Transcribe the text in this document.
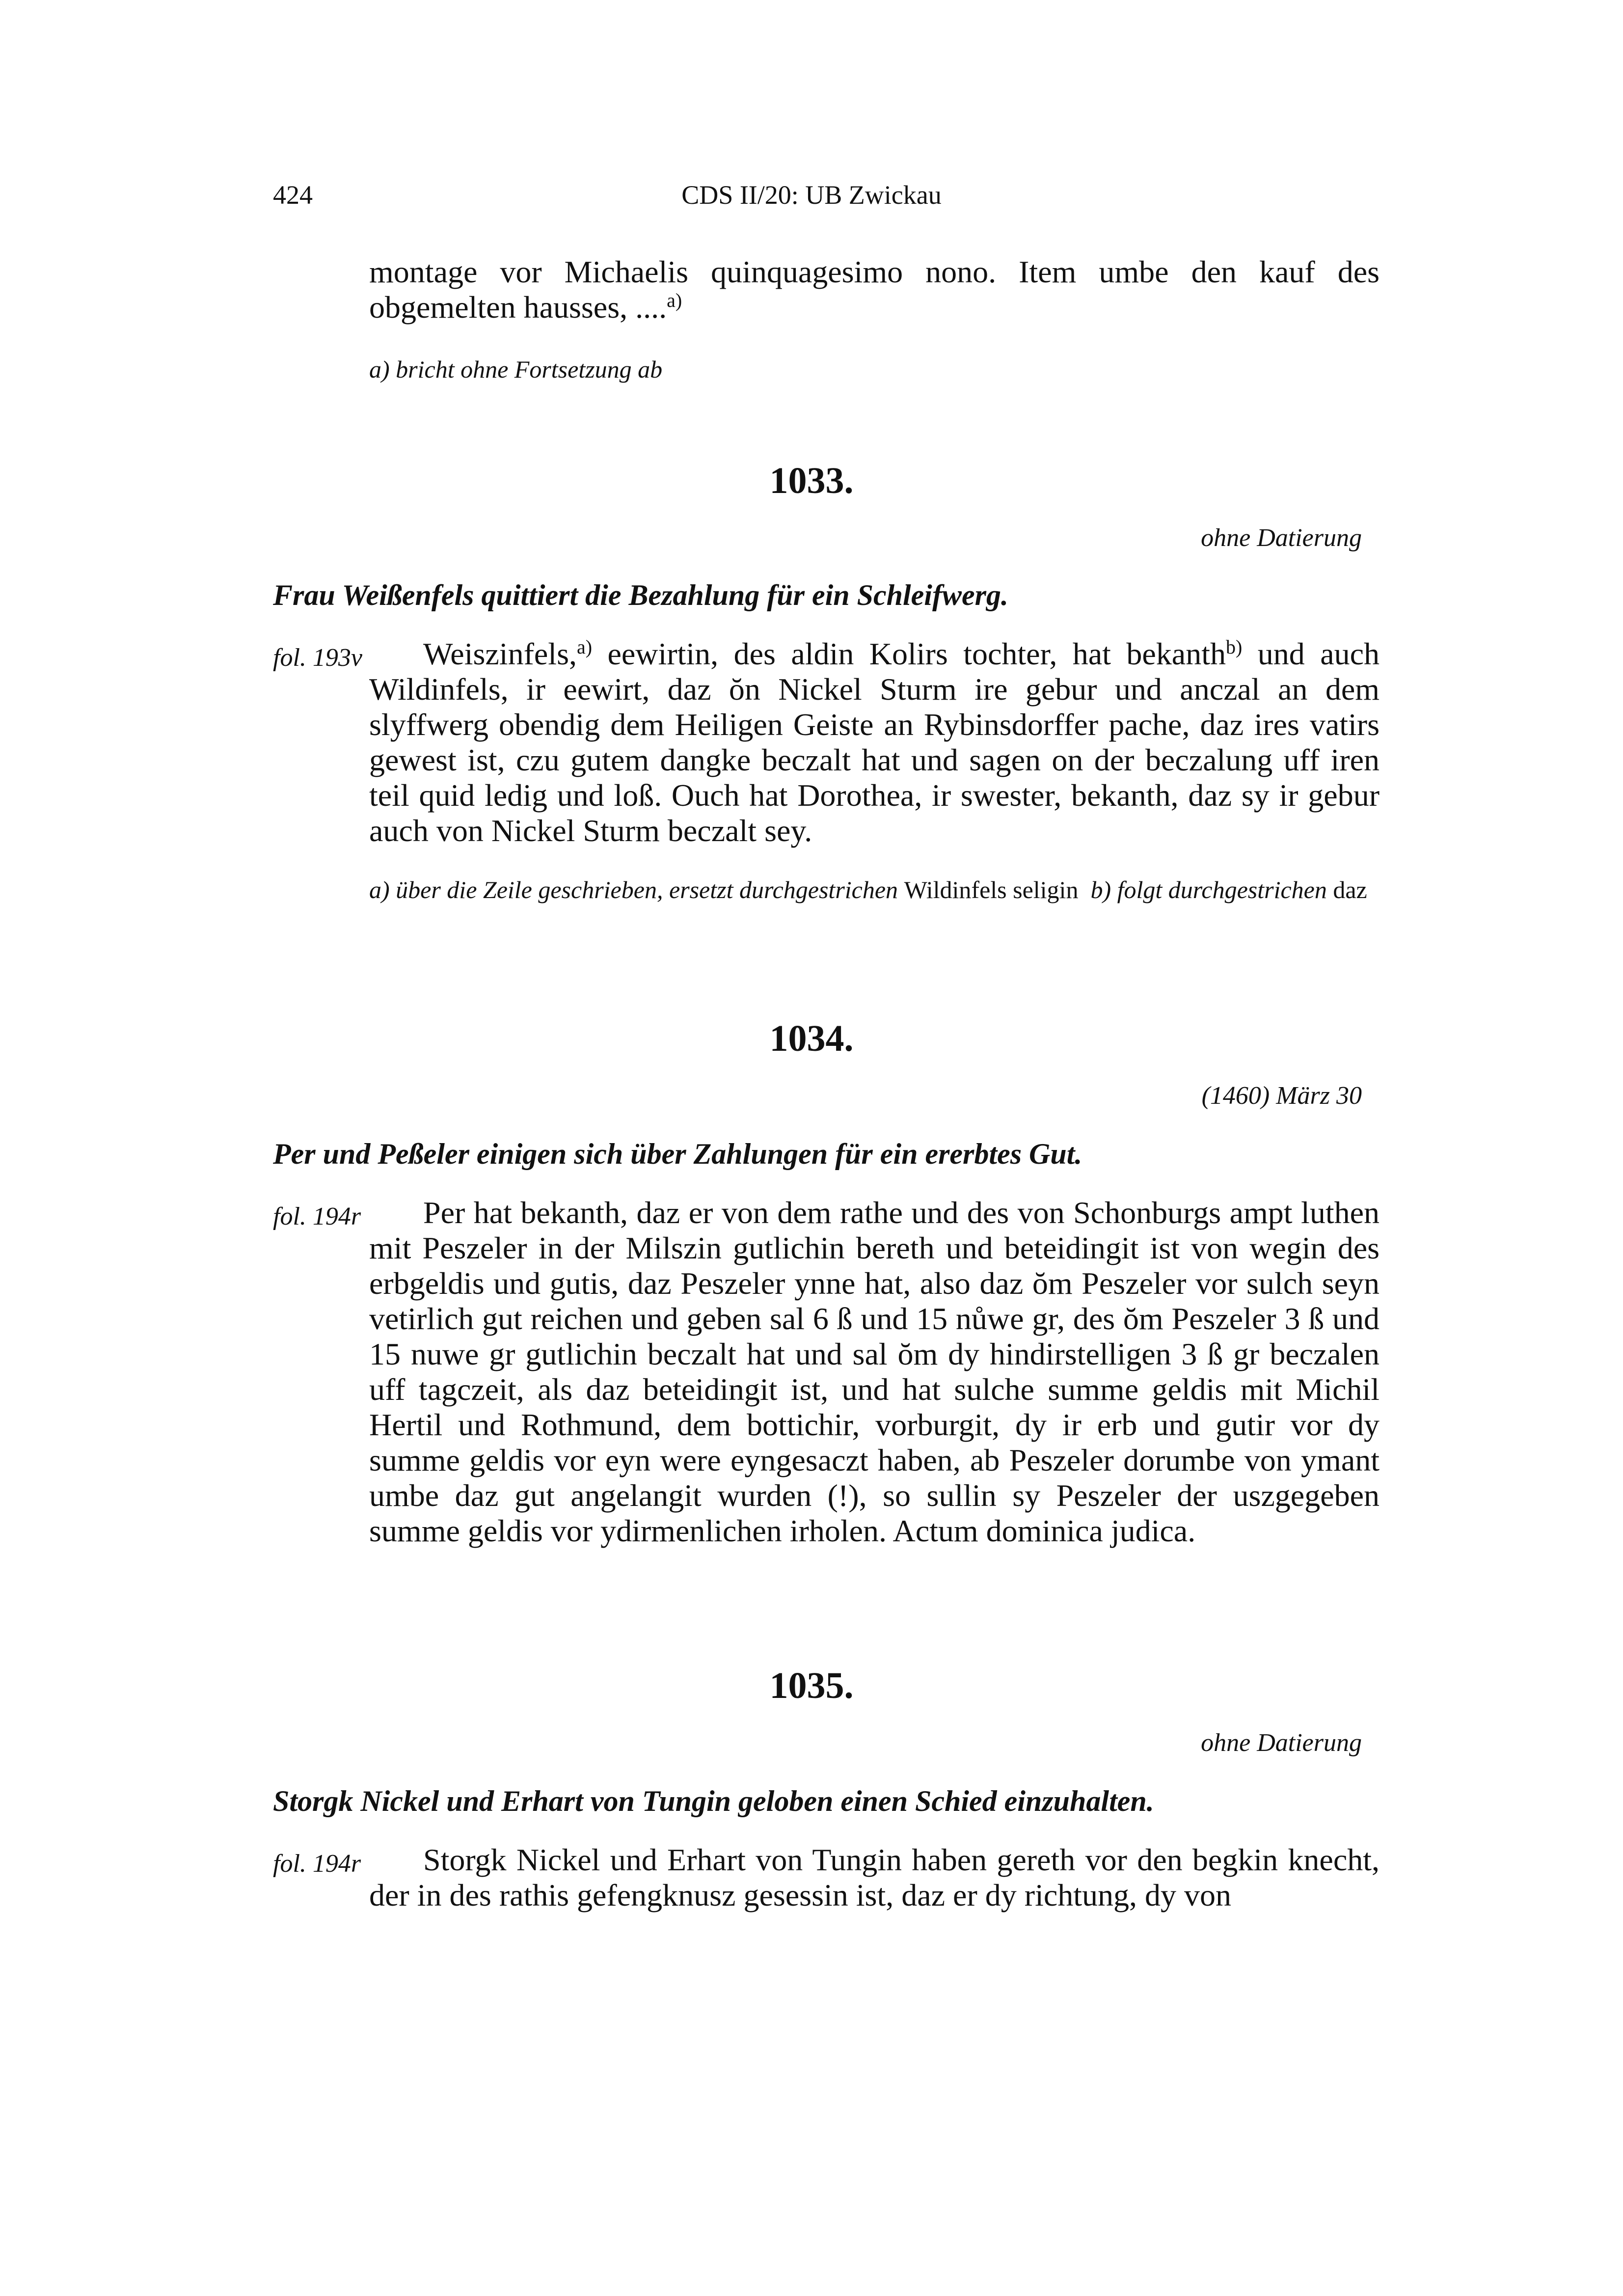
424	CDS II/20: UB Zwickau
montage vor Michaelis quinquagesimo nono. Item umbe den kauf des obgemelten hausses, ....$^{a)}$
a) bricht ohne Fortsetzung ab
1033.
ohne Datierung
Frau Weißenfels quittiert die Bezahlung für ein Schleifwerg.
fol. 193v	Weiszinfels,$^{a)}$ eewirtin, des aldin Kolirs tochter, hat bekanth$^{b)}$ und auch Wildinfels, ir eewirt, daz ŏn Nickel Sturm ire gebur und anczal an dem slyffwerg obendig dem Heiligen Geiste an Rybinsdorffer pache, daz ires vatirs gewest ist, czu gutem dangke beczalt hat und sagen on der beczalung uff iren teil quid ledig und loß. Ouch hat Dorothea, ir swester, bekanth, daz sy ir gebur auch von Nickel Sturm beczalt sey.
a) über die Zeile geschrieben, ersetzt durchgestrichen Wildinfels seligin b) folgt durchgestrichen daz
1034.
(1460) März 30
Per und Peßeler einigen sich über Zahlungen für ein ererbtes Gut.
fol. 194r	Per hat bekanth, daz er von dem rathe und des von Schonburgs ampt luthen mit Peszeler in der Milszin gutlichin bereth und beteidingit ist von wegin des erbgeldis und gutis, daz Peszeler ynne hat, also daz ŏm Peszeler vor sulch seyn vetirlich gut reichen und geben sal 6 ß und 15 nůwe gr, des ŏm Peszeler 3 ß und 15 nuwe gr gutlichin beczalt hat und sal ŏm dy hindirstelligen 3 ß gr beczalen uff tagczeit, als daz beteidingit ist, und hat sulche summe geldis mit Michil Hertil und Rothmund, dem bottichir, vorburgit, dy ir erb und gutir vor dy summe geldis vor eyn were eyngesaczt haben, ab Peszeler dorumbe von ymant umbe daz gut angelangit wurden (!), so sullin sy Peszeler der uszgegeben summe geldis vor ydirmenlichen irholen. Actum dominica judica.
1035.
ohne Datierung
Storgk Nickel und Erhart von Tungin geloben einen Schied einzuhalten.
fol. 194r	Storgk Nickel und Erhart von Tungin haben gereth vor den begkin knecht, der in des rathis gefengknusz gesessin ist, daz er dy richtung, dy von
